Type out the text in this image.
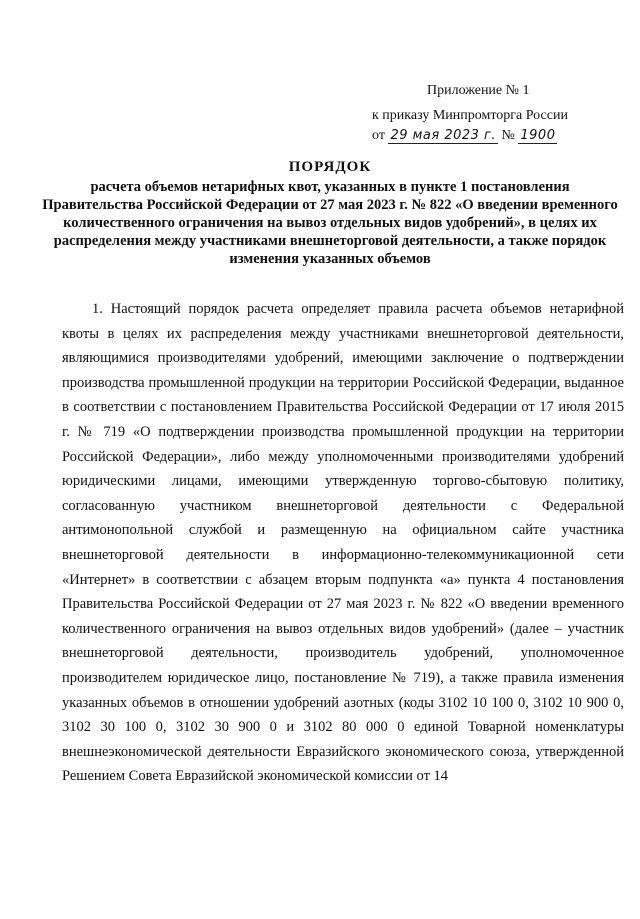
Приложение № 1
к приказу Минпромторга России
от 29 мая 2023 г. № 1900
ПОРЯДОК
расчета объемов нетарифных квот, указанных в пункте 1 постановления Правительства Российской Федерации от 27 мая 2023 г. № 822 «О введении временного количественного ограничения на вывоз отдельных видов удобрений», в целях их распределения между участниками внешнеторговой деятельности, а также порядок изменения указанных объемов

1. Настоящий порядок расчета определяет правила расчета объемов нетарифной квоты в целях их распределения между участниками внешнеторговой деятельности, являющимися производителями удобрений, имеющими заключение о подтверждении производства промышленной продукции на территории Российской Федерации, выданное в соответствии с постановлением Правительства Российской Федерации от 17 июля 2015 г. № 719 «О подтверждении производства промышленной продукции на территории Российской Федерации», либо между уполномоченными производителями удобрений юридическими лицами, имеющими утвержденную торгово-сбытовую политику, согласованную участником внешнеторговой деятельности с Федеральной антимонопольной службой и размещенную на официальном сайте участника внешнеторговой деятельности в информационно-телекоммуникационной сети «Интернет» в соответствии с абзацем вторым подпункта «а» пункта 4 постановления Правительства Российской Федерации от 27 мая 2023 г. № 822 «О введении временного количественного ограничения на вывоз отдельных видов удобрений» (далее – участник внешнеторговой деятельности, производитель удобрений, уполномоченное производителем юридическое лицо, постановление № 719), а также правила изменения указанных объемов в отношении удобрений азотных (коды 3102 10 100 0, 3102 10 900 0, 3102 30 100 0, 3102 30 900 0 и 3102 80 000 0 единой Товарной номенклатуры внешнеэкономической деятельности Евразийского экономического союза, утвержденной Решением Совета Евразийской экономической комиссии от 14
